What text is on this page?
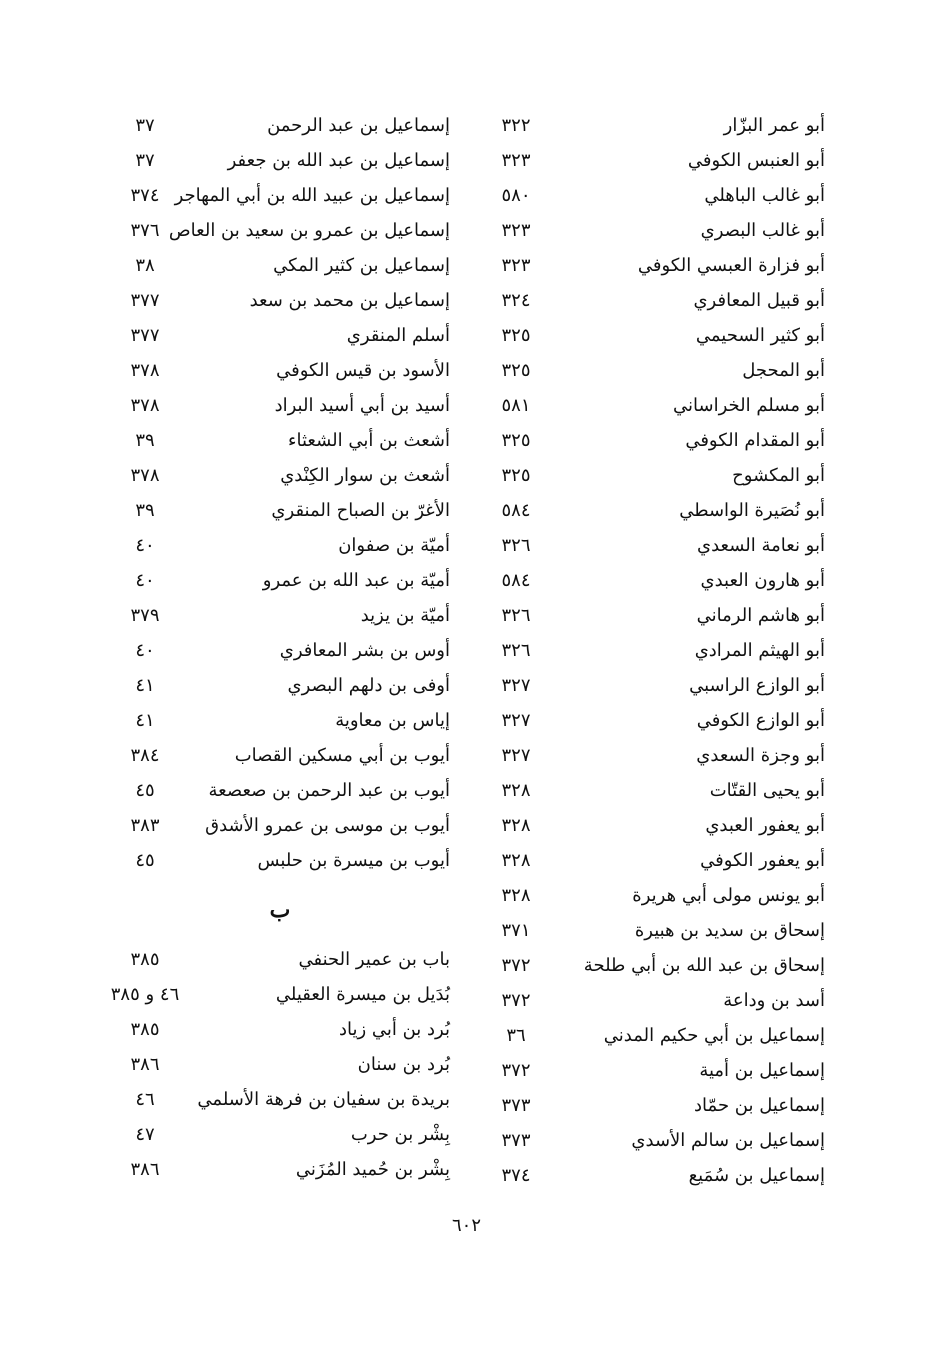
أبو عمر البزّار
٣٢٢
أبو العنبس الكوفي
٣٢٣
أبو غالب الباهلي
٥٨٠
أبو غالب البصري
٣٢٣
أبو فزارة العبسي الكوفي
٣٢٣
أبو قبيل المعافري
٣٢٤
أبو كثير السحيمي
٣٢٥
أبو المحجل
٣٢٥
أبو مسلم الخراساني
٥٨١
أبو المقدام الكوفي
٣٢٥
أبو المكشوح
٣٢٥
أبو نُصَيرة الواسطي
٥٨٤
أبو نعامة السعدي
٣٢٦
أبو هارون العبدي
٥٨٤
أبو هاشم الرماني
٣٢٦
أبو الهيثم المرادي
٣٢٦
أبو الوازع الراسبي
٣٢٧
أبو الوازع الكوفي
٣٢٧
أبو وجزة السعدي
٣٢٧
أبو يحيى القتّات
٣٢٨
أبو يعفور العبدي
٣٢٨
أبو يعفور الكوفي
٣٢٨
أبو يونس مولى أبي هريرة
٣٢٨
إسحاق بن سديد بن هبيرة
٣٧١
إسحاق بن عبد الله بن أبي طلحة
٣٧٢
أسد بن وداعة
٣٧٢
إسماعيل بن أبي حكيم المدني
٣٦
إسماعيل بن أمية
٣٧٢
إسماعيل بن حمّاد
٣٧٣
إسماعيل بن سالم الأسدي
٣٧٣
إسماعيل بن سُمَيع
٣٧٤
إسماعيل بن عبد الرحمن
٣٧
إسماعيل بن عبد الله بن جعفر
٣٧
إسماعيل بن عبيد الله بن أبي المهاجر
٣٧٤
إسماعيل بن عمرو بن سعيد بن العاص
٣٧٦
إسماعيل بن كثير المكي
٣٨
إسماعيل بن محمد بن سعد
٣٧٧
أسلم المنقري
٣٧٧
الأسود بن قيس الكوفي
٣٧٨
أسيد بن أبي أسيد البراد
٣٧٨
أشعث بن أبي الشعثاء
٣٩
أشعث بن سوار الكِنْدي
٣٧٨
الأغرّ بن الصباح المنقري
٣٩
أميّة بن صفوان
٤٠
أميّة بن عبد الله بن عمرو
٤٠
أميّة بن يزيد
٣٧٩
أوس بن بشر المعافري
٤٠
أوفى بن دلهم البصري
٤١
إياس بن معاوية
٤١
أيوب بن أبي مسكين القصاب
٣٨٤
أيوب بن عبد الرحمن بن صعصعة
٤٥
أيوب بن موسى بن عمرو الأشدق
٣٨٣
أيوب بن ميسرة بن حلبس
٤٥
ب
باب بن عمير الحنفي
٣٨٥
بُدَيل بن ميسرة العقيلي
٤٦ و ٣٨٥
بُرد بن أبي زياد
٣٨٥
بُرد بن سنان
٣٨٦
بريدة بن سفيان بن فرهة الأسلمي
٤٦
بِشْر بن حرب
٤٧
بِشْر بن حُميد المُزَني
٣٨٦
٦٠٢
